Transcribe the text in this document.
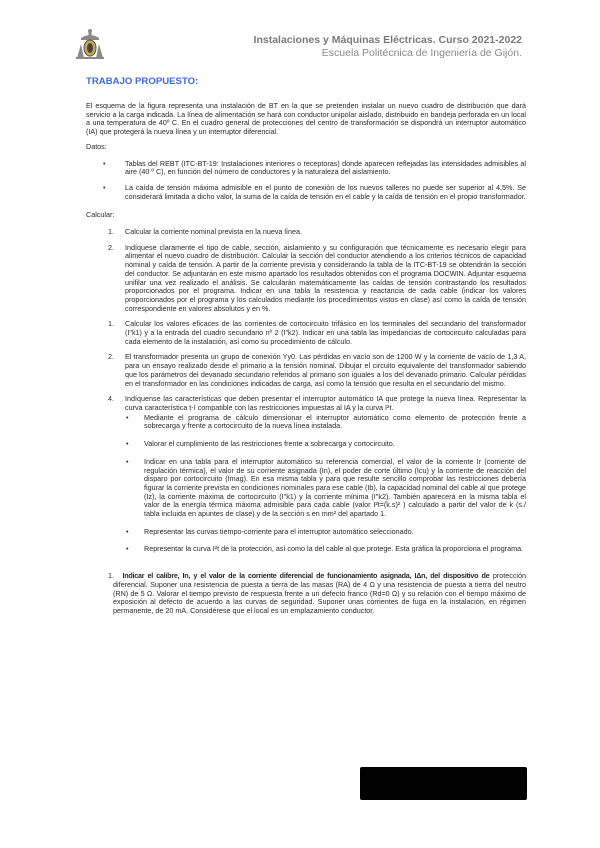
Instalaciones y Máquinas Eléctricas. Curso 2021-2022
Escuela Politécnica de Ingeniería de Gijón.
TRABAJO PROPUESTO:

El esquema de la figura representa una instalación de BT en la que se pretenden instalar un nuevo cuadro de distribución que dará servicio a la carga indicada. La línea de alimentación se hará con conductor unipolar aislado, distribuido en bandeja perforada en un local a una temperatura de 40º C. En el cuadro general de protecciones del centro de transformación se dispondrá un interruptor automático (IA) que protegerá la nueva línea y un interruptor diferencial.

Datos:
• Tablas del REBT (ITC-BT-19: Instalaciones interiores o receptoras) donde aparecen reflejadas las intensidades admisibles al aire (40 º C), en función del número de conductores y la naturaleza del aislamiento.
• La caída de tensión máxima admisible en el punto de conexión de los nuevos talleres no puede ser superior al 4,5%. Se considerará limitada a dicho valor, la suma de la caída de tensión en el cable y la caída de tensión en el propio transformador.
Calcular:
1. Calcular la corriente nominal prevista en la nueva línea.
2. Indíquese claramente el tipo de cable, sección, aislamiento y su configuración que técnicamente es necesario elegir para alimentar el nuevo cuadro de distribución. Calcular la sección del conductor atendiendo a los criterios técnicos de capacidad nominal y caída de tensión. A partir de la corriente prevista y considerando la tabla de la ITC-BT-19 se obtendrán la sección del conductor. Se adjuntarán en este mismo apartado los resultados obtenidos con el programa DOCWIN. Adjuntar esquema unifilar una vez realizado el análisis. Se calcularán matemáticamente las caídas de tensión contrastando los resultados proporcionados por el programa. Indicar en una tabla la resistencia y reactancia de cada cable (indicar los valores proporcionados por el programa y los calculados mediante los procedimientos vistos en clase) así como la caída de tensión correspondiente en valores absolutos y en %.
1. Calcular los valores eficaces de las corrientes de cortocircuito trifásico en los terminales del secundario del transformador (I"k1) y a la entrada del cuadro secundario nº 2 (I"k2). Indicar en una tabla las impedancias de cortocircuito calculadas para cada elemento de la instalación, así como su procedimiento de cálculo.
2. El transformador presenta un grupo de conexión Yy0. Las pérdidas en vacío son de 1200 W y la corriente de vacío de 1,3 A, para un ensayo realizado desde el primario a la tensión nominal. Dibujar el circuito equivalente del transformador sabiendo que los parámetros del devanado secundario referidos al primario son iguales a los del devanado primario. Calcular pérdidas en el transformador en las condiciones indicadas de carga, así como la tensión que resulta en el secundario del mismo.
4. Indíquense las características que deben presentar el interruptor automático IA que protege la nueva línea. Representar la curva característica t-I compatible con las restricciones impuestas al IA y la curva I²t.
• Mediante el programa de cálculo dimensionar el interruptor automático como elemento de protección frente a sobrecarga y frente a cortocircuito de la nueva línea instalada.
• Valorar el cumplimiento de las restricciones frente a sobrecarga y cortocircuito.
• Indicar en una tabla para el interruptor automático su referencia comercial, el valor de la corriente Ir (corriente de regulación térmica), el valor de su corriente asignada (In), el poder de corte último (Icu) y la corriente de reacción del disparo por cortocircuito (Imag). En esa misma tabla y para que resulte sencillo comprobar las restricciones debería figurar la corriente prevista en condiciones nominales para ese cable (Ib), la capacidad nominal del cable al que protege (Iz), la corriente máxima de cortocircuito (I"k1) y la corriente mínima (I"k2). También aparecerá en la misma tabla el valor de la energía térmica máxima admisible para cada cable (valor I²t=(k.s)² ) calculado a partir del valor de k (s./ tabla incluida en apuntes de clase) y de la sección s en mm² del apartado 1.
• Representar las curvas tiempo-corriente para el interruptor automático seleccionado.
• Representar la curva I²t de la protección, así como la del cable al que protege. Esta gráfica la proporciona el programa.
1. Indicar el calibre, In, y el valor de la corriente diferencial de funcionamiento asignada, IΔn, del dispositivo de protección diferencial. Suponer una resistencia de puesta a tierra de las masas (RA) de 4 Ω y una resistencia de puesta a tierra del neutro (RN) de 5 Ω. Valorar el tiempo previsto de respuesta frente a un defecto franco (Rd=0 Ω) y su relación con el tiempo máximo de exposición al defecto de acuerdo a las curvas de seguridad. Suponer unas corrientes de fuga en la instalación, en régimen permanente, de 20 mA. Considérese que el local es un emplazamiento conductor.
